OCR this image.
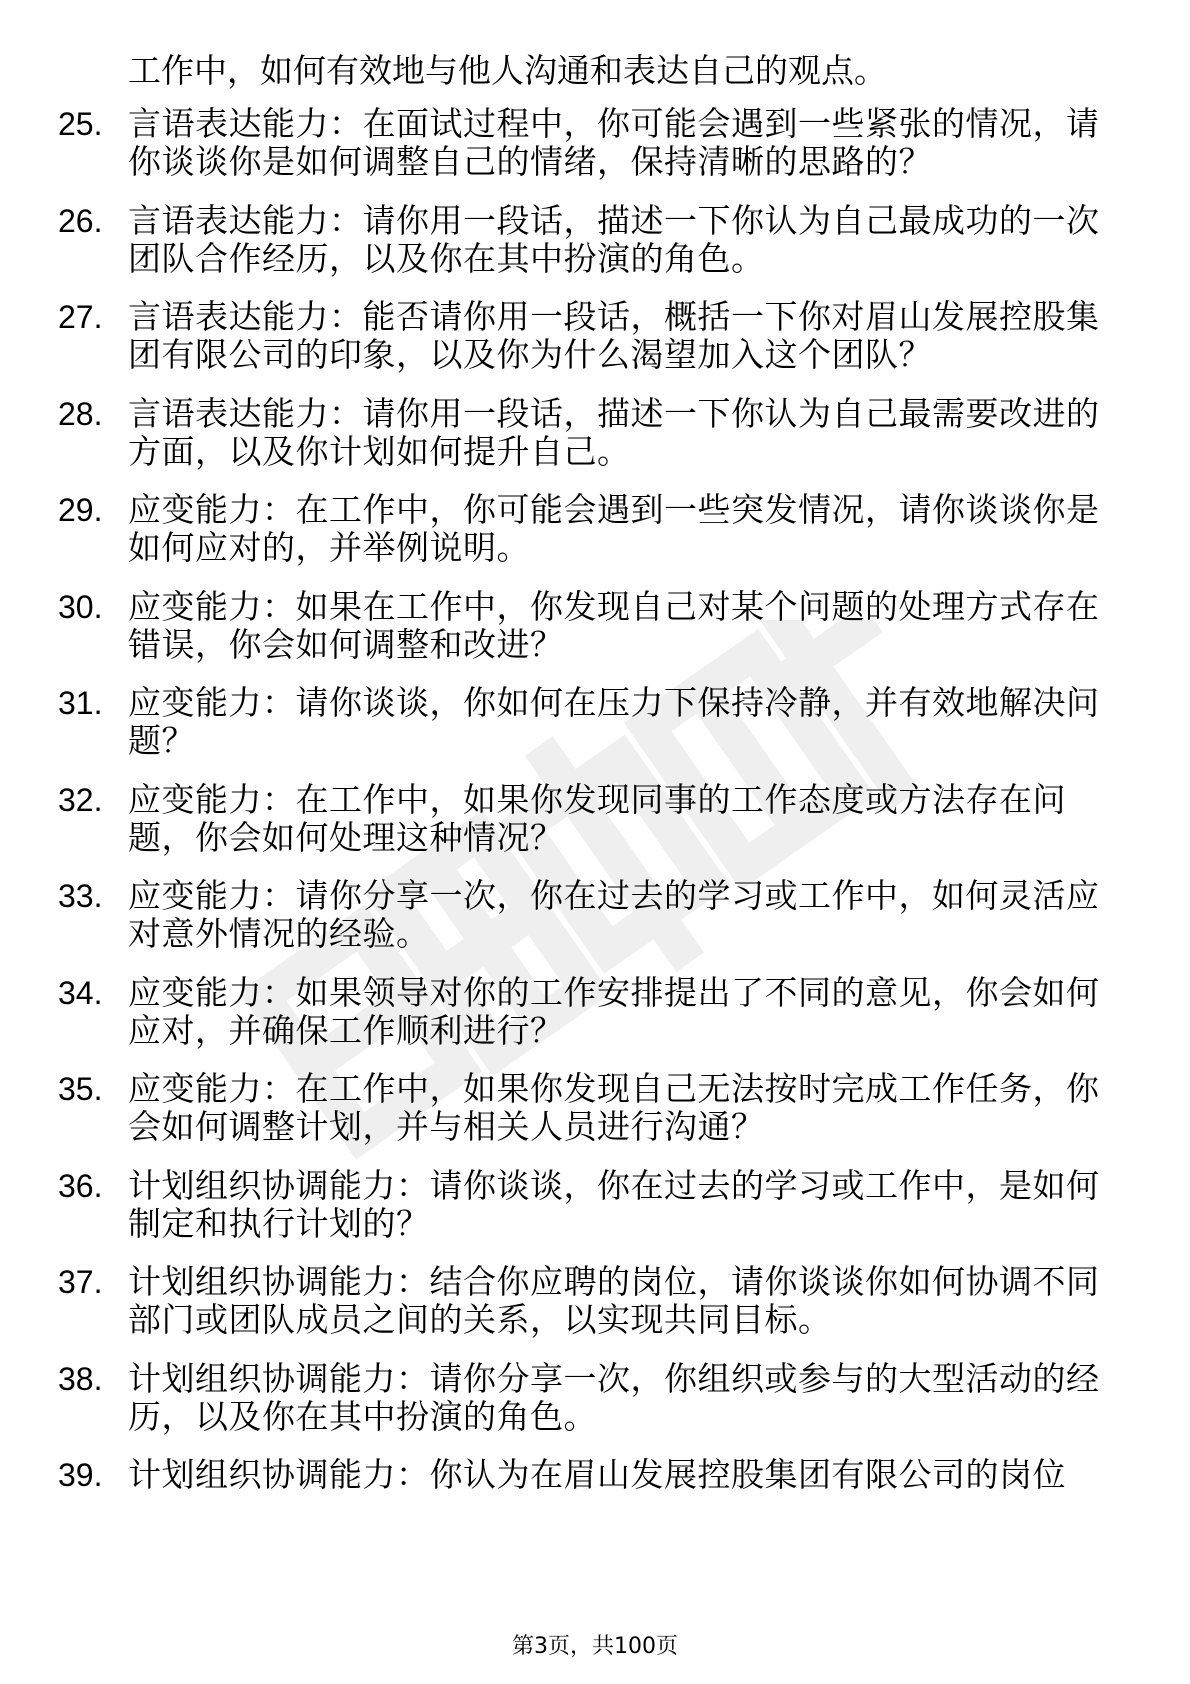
工作中，如何有效地与他人沟通和表达自己的观点。
25. 言语表达能力：在面试过程中，你可能会遇到一些紧张的情况，请你谈谈你是如何调整自己的情绪，保持清晰的思路的？
26. 言语表达能力：请你用一段话，描述一下你认为自己最成功的一次团队合作经历，以及你在其中扮演的角色。
27. 言语表达能力：能否请你用一段话，概括一下你对眉山发展控股集团有限公司的印象，以及你为什么渴望加入这个团队？
28. 言语表达能力：请你用一段话，描述一下你认为自己最需要改进的方面，以及你计划如何提升自己。
29. 应变能力：在工作中，你可能会遇到一些突发情况，请你谈谈你是如何应对的，并举例说明。
30. 应变能力：如果在工作中，你发现自己对某个问题的处理方式存在错误，你会如何调整和改进？
31. 应变能力：请你谈谈，你如何在压力下保持冷静，并有效地解决问题？
32. 应变能力：在工作中，如果你发现同事的工作态度或方法存在问题，你会如何处理这种情况？
33. 应变能力：请你分享一次，你在过去的学习或工作中，如何灵活应对意外情况的经验。
34. 应变能力：如果领导对你的工作安排提出了不同的意见，你会如何应对，并确保工作顺利进行？
35. 应变能力：在工作中，如果你发现自己无法按时完成工作任务，你会如何调整计划，并与相关人员进行沟通？
36. 计划组织协调能力：请你谈谈，你在过去的学习或工作中，是如何制定和执行计划的？
37. 计划组织协调能力：结合你应聘的岗位，请你谈谈你如何协调不同部门或团队成员之间的关系，以实现共同目标。
38. 计划组织协调能力：请你分享一次，你组织或参与的大型活动的经历，以及你在其中扮演的角色。
39. 计划组织协调能力：你认为在眉山发展控股集团有限公司的岗位
第3页，共100页
